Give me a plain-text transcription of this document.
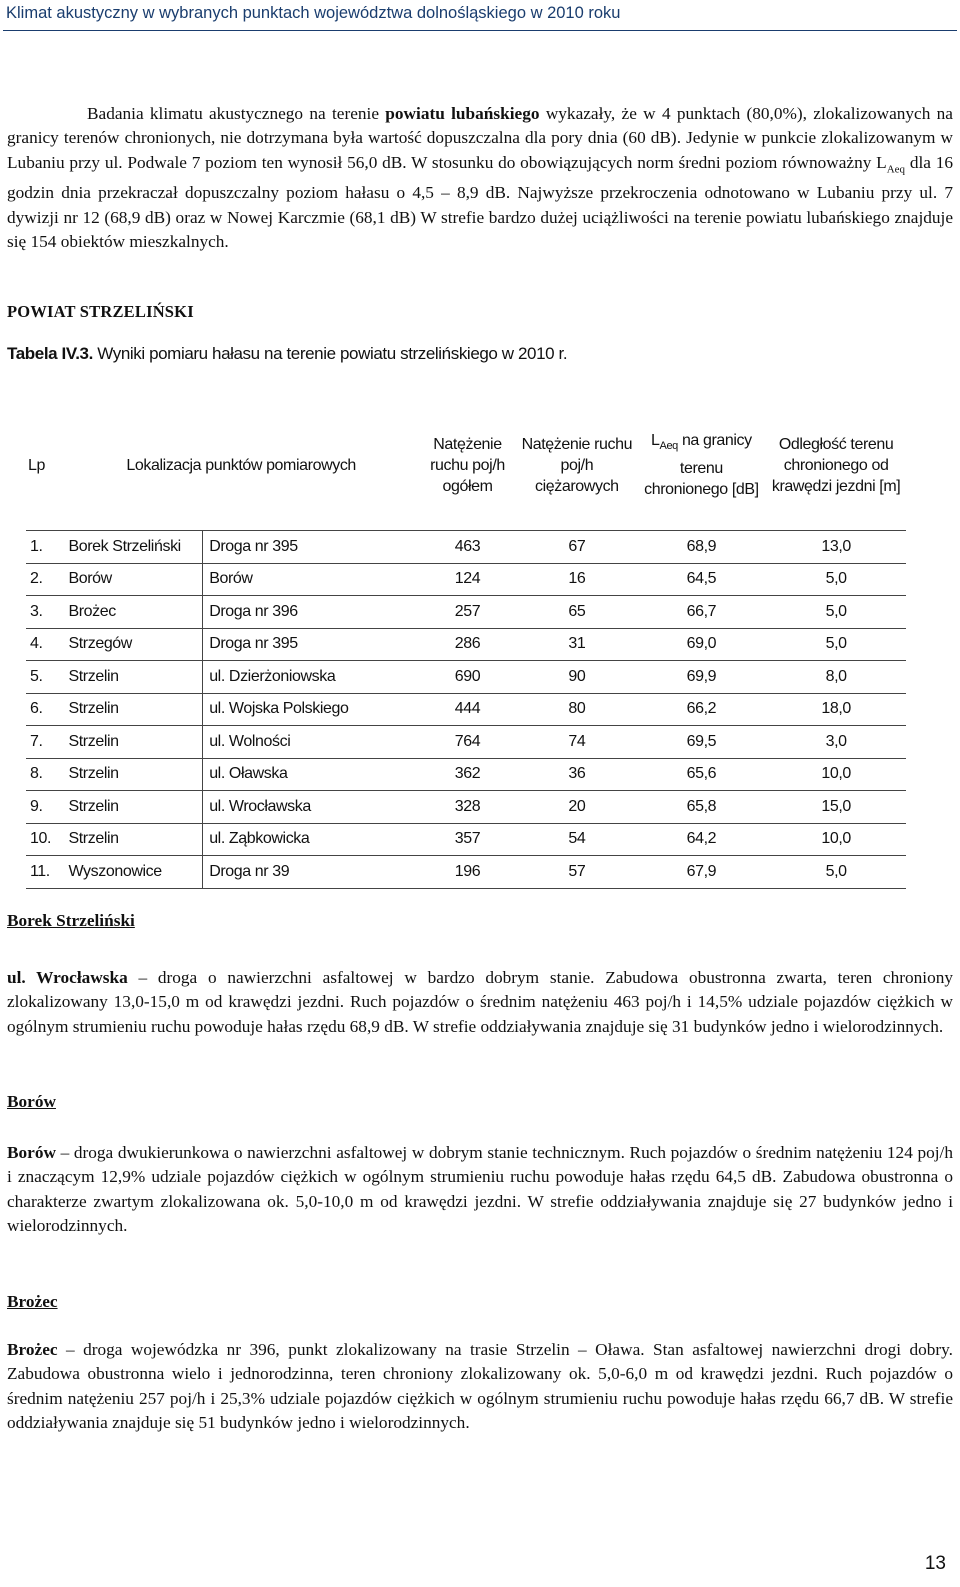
Klimat akustyczny w wybranych punktach województwa dolnośląskiego w 2010 roku

Badania klimatu akustycznego na terenie powiatu lubańskiego wykazały, że w 4 punktach (80,0%), zlokalizowanych na granicy terenów chronionych, nie dotrzymana była wartość dopuszczalna dla pory dnia (60 dB). Jedynie w punkcie zlokalizowanym w Lubaniu przy ul. Podwale 7 poziom ten wynosił 56,0 dB. W stosunku do obowiązujących norm średni poziom równoważny $L_{Aeq}$ dla 16 godzin dnia przekraczał dopuszczalny poziom hałasu o 4,5 – 8,9 dB. Najwyższe przekroczenia odnotowano w Lubaniu przy ul. 7 dywizji nr 12 (68,9 dB) oraz w Nowej Karczmie (68,1 dB) W strefie bardzo dużej uciążliwości na terenie powiatu lubańskiego znajduje się 154 obiektów mieszkalnych.

POWIAT STRZELIŃSKI
Tabela IV.3. Wyniki pomiaru hałasu na terenie powiatu strzelińskiego w 2010 r.
Lp	Lokalizacja punktów pomiarowych		Natężenie ruchu poj/h ogółem	Natężenie ruchu poj/h ciężarowych	$L_{Aeq}$ na granicy terenu chronionego [dB]	Odległość terenu chronionego od krawędzi jezdni [m]
1.	Borek Strzeliński	Droga nr 395	463	67	68,9	13,0
2.	Borów	Borów	124	16	64,5	5,0
3.	Brożec	Droga nr 396	257	65	66,7	5,0
4.	Strzegów	Droga nr 395	286	31	69,0	5,0
5.	Strzelin	ul. Dzierżoniowska	690	90	69,9	8,0
6.	Strzelin	ul. Wojska Polskiego	444	80	66,2	18,0
7.	Strzelin	ul. Wolności	764	74	69,5	3,0
8.	Strzelin	ul. Oławska	362	36	65,6	10,0
9.	Strzelin	ul. Wrocławska	328	20	65,8	15,0
10.	Strzelin	ul. Ząbkowicka	357	54	64,2	10,0
11.	Wyszonowice	Droga nr 39	196	57	67,9	5,0
Borek Strzeliński

ul. Wrocławska – droga o nawierzchni asfaltowej w bardzo dobrym stanie. Zabudowa obustronna zwarta, teren chroniony zlokalizowany 13,0-15,0 m od krawędzi jezdni. Ruch pojazdów o średnim natężeniu 463 poj/h i 14,5% udziale pojazdów ciężkich w ogólnym strumieniu ruchu powoduje hałas rzędu 68,9 dB. W strefie oddziaływania znajduje się 31 budynków jedno i wielorodzinnych.

Borów

Borów – droga dwukierunkowa o nawierzchni asfaltowej w dobrym stanie technicznym. Ruch pojazdów o średnim natężeniu 124 poj/h i znaczącym 12,9% udziale pojazdów ciężkich w ogólnym strumieniu ruchu powoduje hałas rzędu 64,5 dB. Zabudowa obustronna o charakterze zwartym zlokalizowana ok. 5,0-10,0 m od krawędzi jezdni. W strefie oddziaływania znajduje się 27 budynków jedno i wielorodzinnych.

Brożec

Brożec – droga wojewódzka nr 396, punkt zlokalizowany na trasie Strzelin – Oława. Stan asfaltowej nawierzchni drogi dobry. Zabudowa obustronna wielo i jednorodzinna, teren chroniony zlokalizowany ok. 5,0-6,0 m od krawędzi jezdni. Ruch pojazdów o średnim natężeniu 257 poj/h i 25,3% udziale pojazdów ciężkich w ogólnym strumieniu ruchu powoduje hałas rzędu 66,7 dB. W strefie oddziaływania znajduje się 51 budynków jedno i wielorodzinnych.

13
